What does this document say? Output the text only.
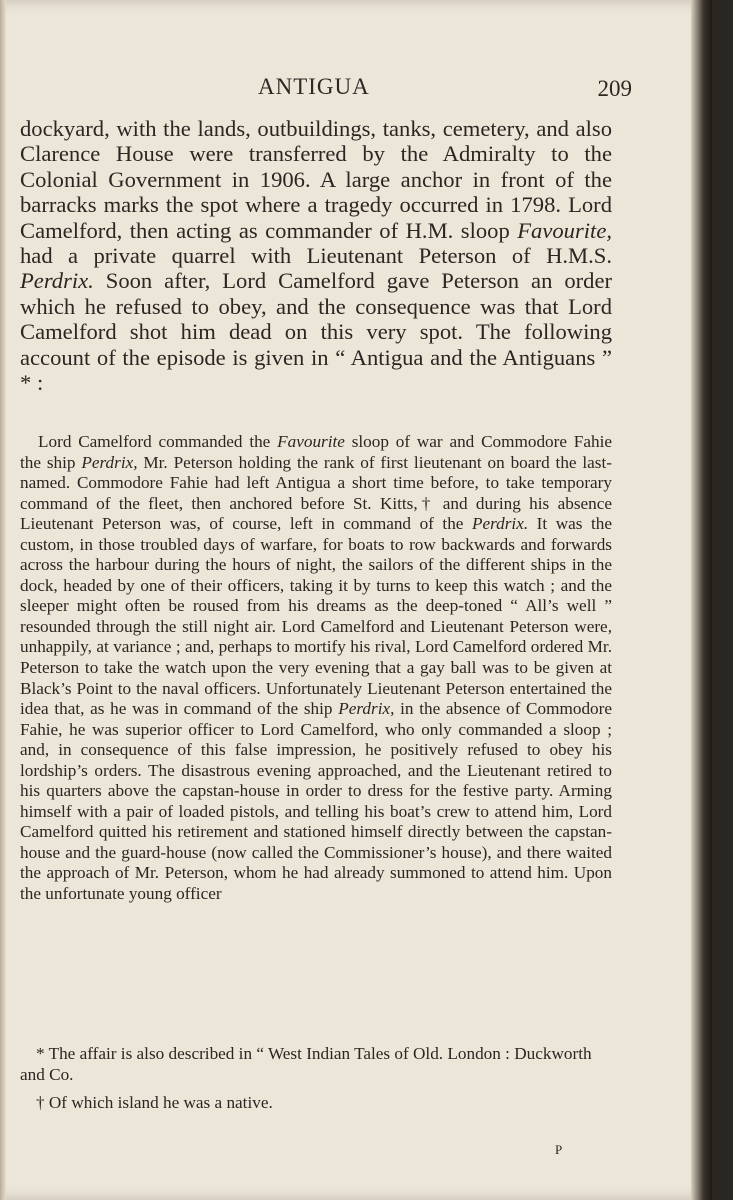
ANTIGUA	209

dockyard, with the lands, outbuildings, tanks, cemetery, and also Clarence House were transferred by the Admiralty to the Colonial Government in 1906. A large anchor in front of the barracks marks the spot where a tragedy occurred in 1798. Lord Camelford, then acting as commander of H.M. sloop Favourite, had a private quarrel with Lieutenant Peterson of H.M.S. Perdrix. Soon after, Lord Camelford gave Peterson an order which he refused to obey, and the consequence was that Lord Camelford shot him dead on this very spot. The following account of the episode is given in “ Antigua and the Antiguans ” * :

Lord Camelford commanded the Favourite sloop of war and Commodore Fahie the ship Perdrix, Mr. Peterson holding the rank of first lieutenant on board the last-named. Commodore Fahie had left Antigua a short time before, to take temporary command of the fleet, then anchored before St. Kitts,† and during his absence Lieutenant Peterson was, of course, left in command of the Perdrix. It was the custom, in those troubled days of warfare, for boats to row backwards and forwards across the harbour during the hours of night, the sailors of the different ships in the dock, headed by one of their officers, taking it by turns to keep this watch ; and the sleeper might often be roused from his dreams as the deep-toned “ All’s well ” resounded through the still night air. Lord Camelford and Lieutenant Peterson were, unhappily, at variance ; and, perhaps to mortify his rival, Lord Camelford ordered Mr. Peterson to take the watch upon the very evening that a gay ball was to be given at Black’s Point to the naval officers. Unfortunately Lieutenant Peterson entertained the idea that, as he was in command of the ship Perdrix, in the absence of Commodore Fahie, he was superior officer to Lord Camelford, who only commanded a sloop ; and, in consequence of this false impression, he positively refused to obey his lordship’s orders. The disastrous evening approached, and the Lieutenant retired to his quarters above the capstan-house in order to dress for the festive party. Arming himself with a pair of loaded pistols, and telling his boat’s crew to attend him, Lord Camelford quitted his retirement and stationed himself directly between the capstan-house and the guard-house (now called the Commissioner’s house), and there waited the approach of Mr. Peterson, whom he had already summoned to attend him. Upon the unfortunate young officer

* The affair is also described in “ West Indian Tales of Old. London : Duckworth and Co.

† Of which island he was a native.

P
